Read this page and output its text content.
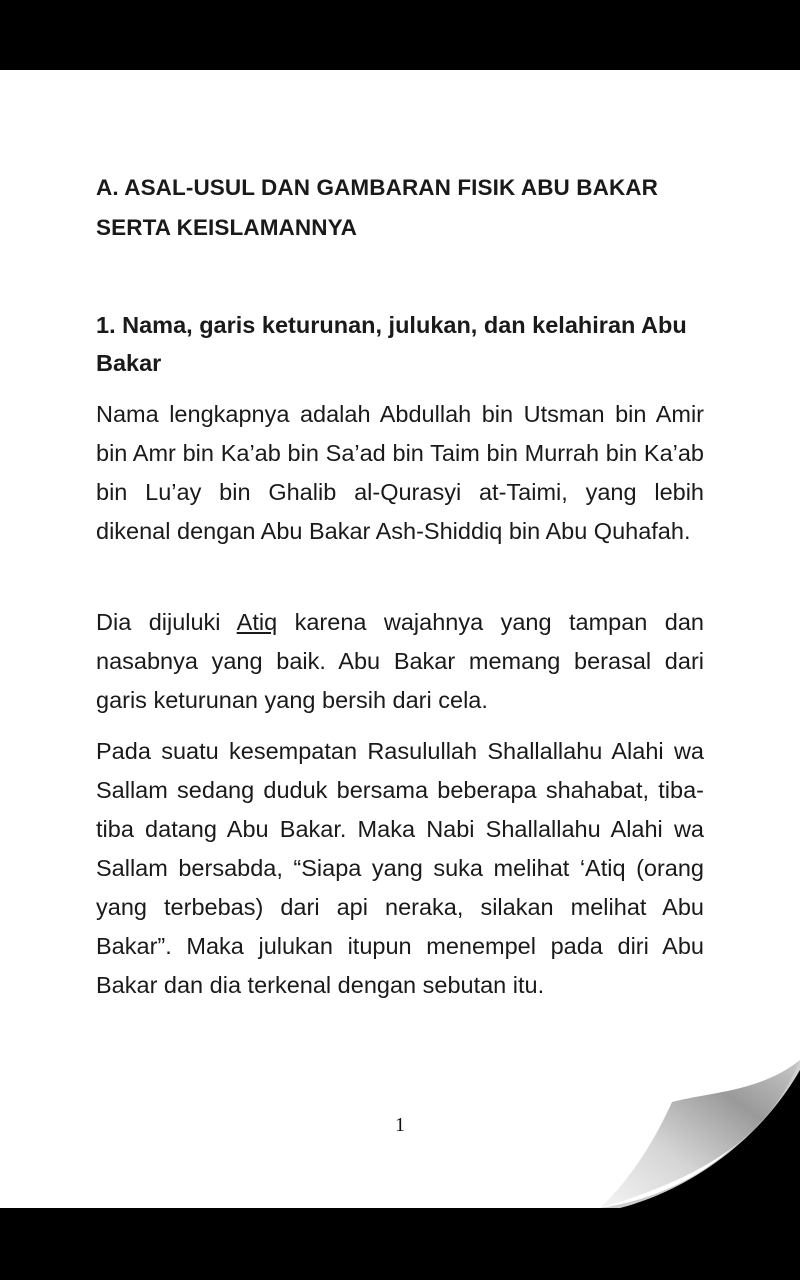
A. ASAL-USUL DAN GAMBARAN FISIK ABU BAKAR SERTA KEISLAMANNYA
1. Nama, garis keturunan, julukan, dan kelahiran Abu Bakar
Nama lengkapnya adalah Abdullah bin Utsman bin Amir bin Amr bin Ka’ab bin Sa’ad bin Taim bin Murrah bin Ka’ab bin Lu’ay bin Ghalib al-Qurasyi at-Taimi, yang lebih dikenal dengan Abu Bakar Ash-Shiddiq bin Abu Quhafah.
Dia dijuluki Atiq karena wajahnya yang tampan dan nasabnya yang baik. Abu Bakar memang berasal dari garis keturunan yang bersih dari cela.
Pada suatu kesempatan Rasulullah Shallallahu Alahi wa Sallam sedang duduk bersama beberapa shahabat, tiba-tiba datang Abu Bakar. Maka Nabi Shallallahu Alahi wa Sallam bersabda, “Siapa yang suka melihat ‘Atiq (orang yang terbebas) dari api neraka, silakan melihat Abu Bakar”. Maka julukan itupun menempel pada diri Abu Bakar dan dia terkenal dengan sebutan itu.
1
